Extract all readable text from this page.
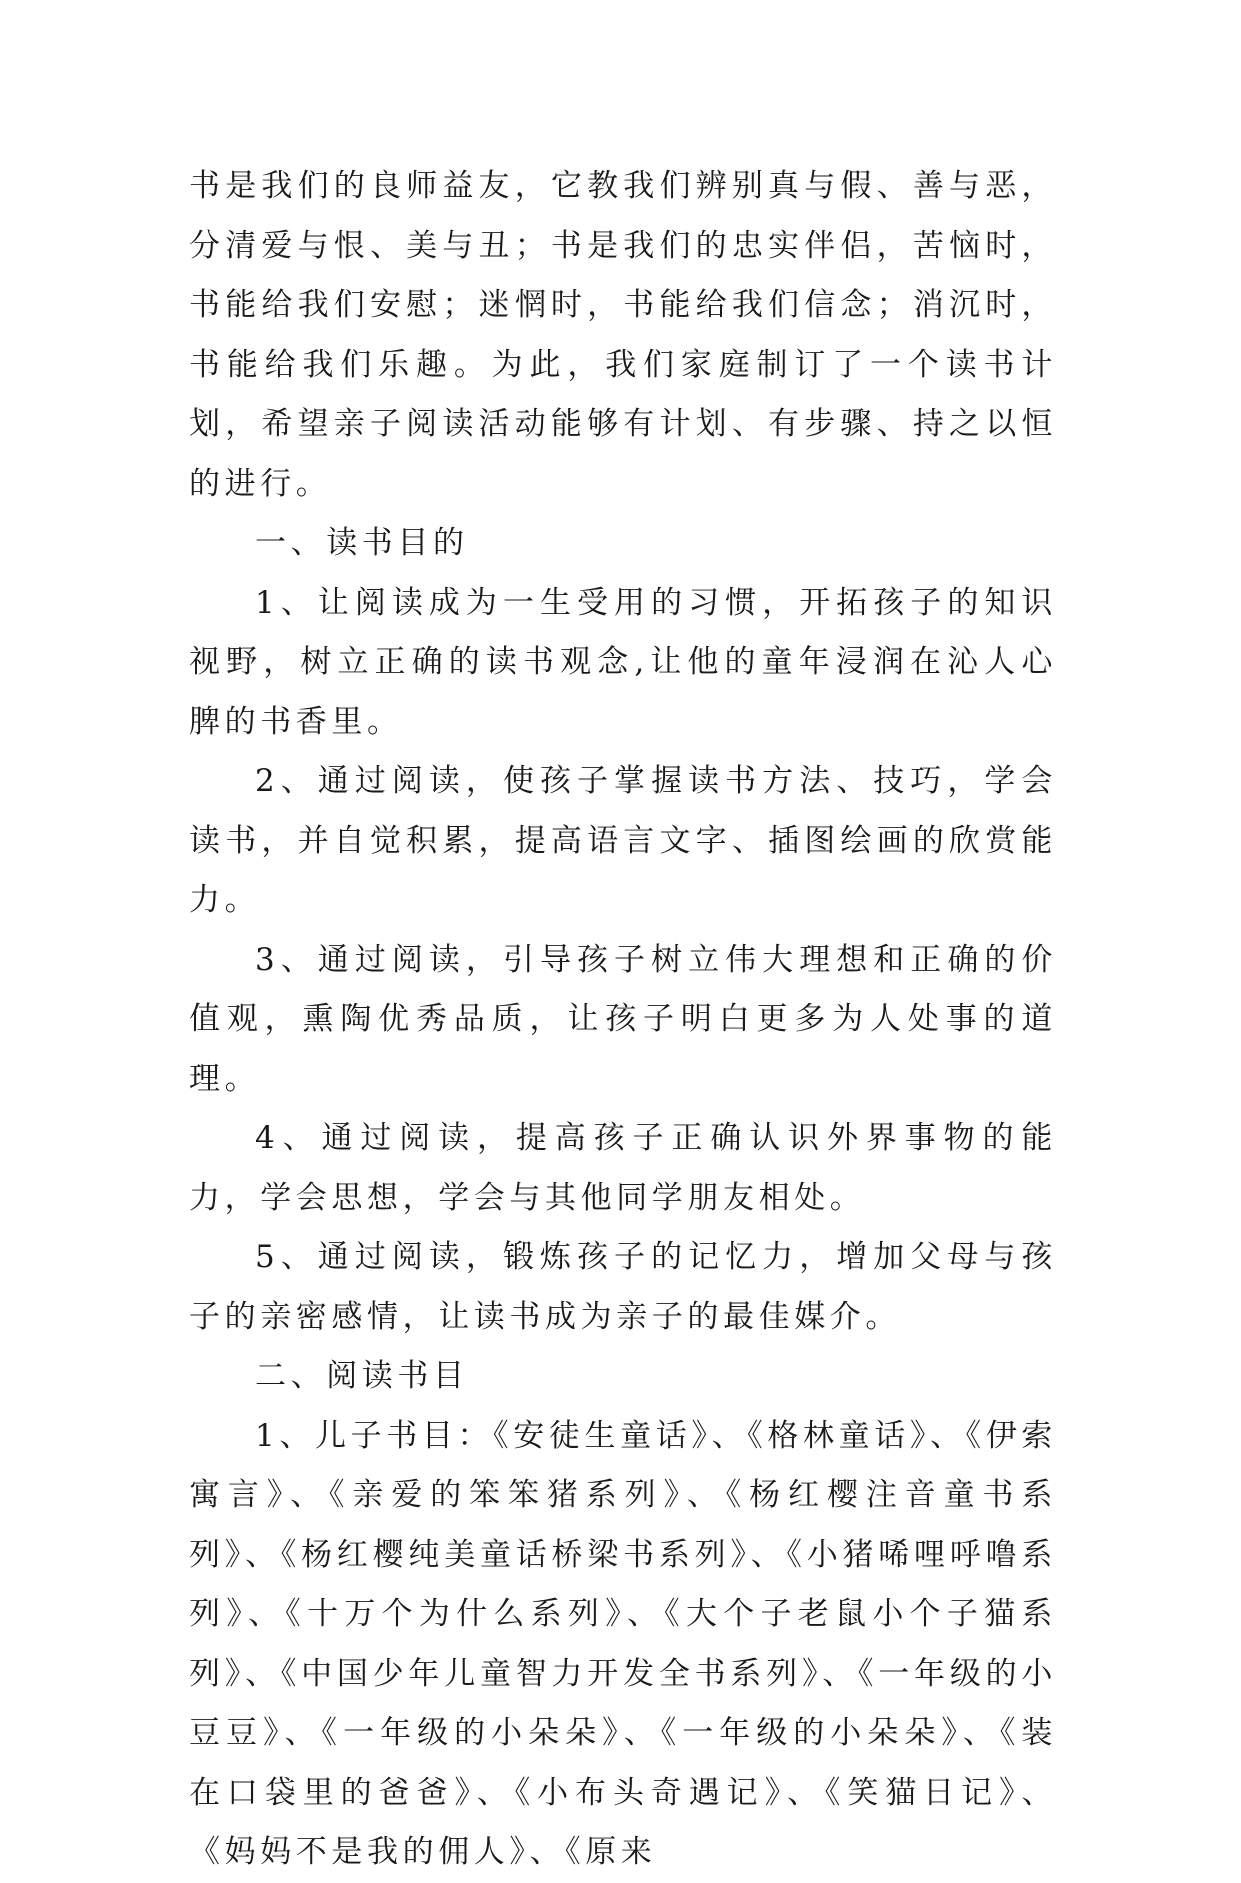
书是我们的良师益友，它教我们辨别真与假、善与恶，分清爱与恨、美与丑；书是我们的忠实伴侣，苦恼时，书能给我们安慰；迷惘时，书能给我们信念；消沉时，书能给我们乐趣。为此，我们家庭制订了一个读书计划，希望亲子阅读活动能够有计划、有步骤、持之以恒的进行。

一、读书目的

1、让阅读成为一生受用的习惯，开拓孩子的知识视野，树立正确的读书观念,让他的童年浸润在沁人心脾的书香里。

2、通过阅读，使孩子掌握读书方法、技巧，学会读书，并自觉积累，提高语言文字、插图绘画的欣赏能力。

3、通过阅读，引导孩子树立伟大理想和正确的价值观，熏陶优秀品质，让孩子明白更多为人处事的道理。

4、通过阅读，提高孩子正确认识外界事物的能力，学会思想，学会与其他同学朋友相处。

5、通过阅读，锻炼孩子的记忆力，增加父母与孩子的亲密感情，让读书成为亲子的最佳媒介。

二、阅读书目

1、儿子书目：《安徒生童话》、《格林童话》、《伊索寓言》、《亲爱的笨笨猪系列》、《杨红樱注音童书系列》、《杨红樱纯美童话桥梁书系列》、《小猪唏哩呼噜系列》、《十万个为什么系列》、《大个子老鼠小个子猫系列》、《中国少年儿童智力开发全书系列》、《一年级的小豆豆》、《一年级的小朵朵》、《一年级的小朵朵》、《装在口袋里的爸爸》、《小布头奇遇记》、《笑猫日记》、《妈妈不是我的佣人》、《原来
